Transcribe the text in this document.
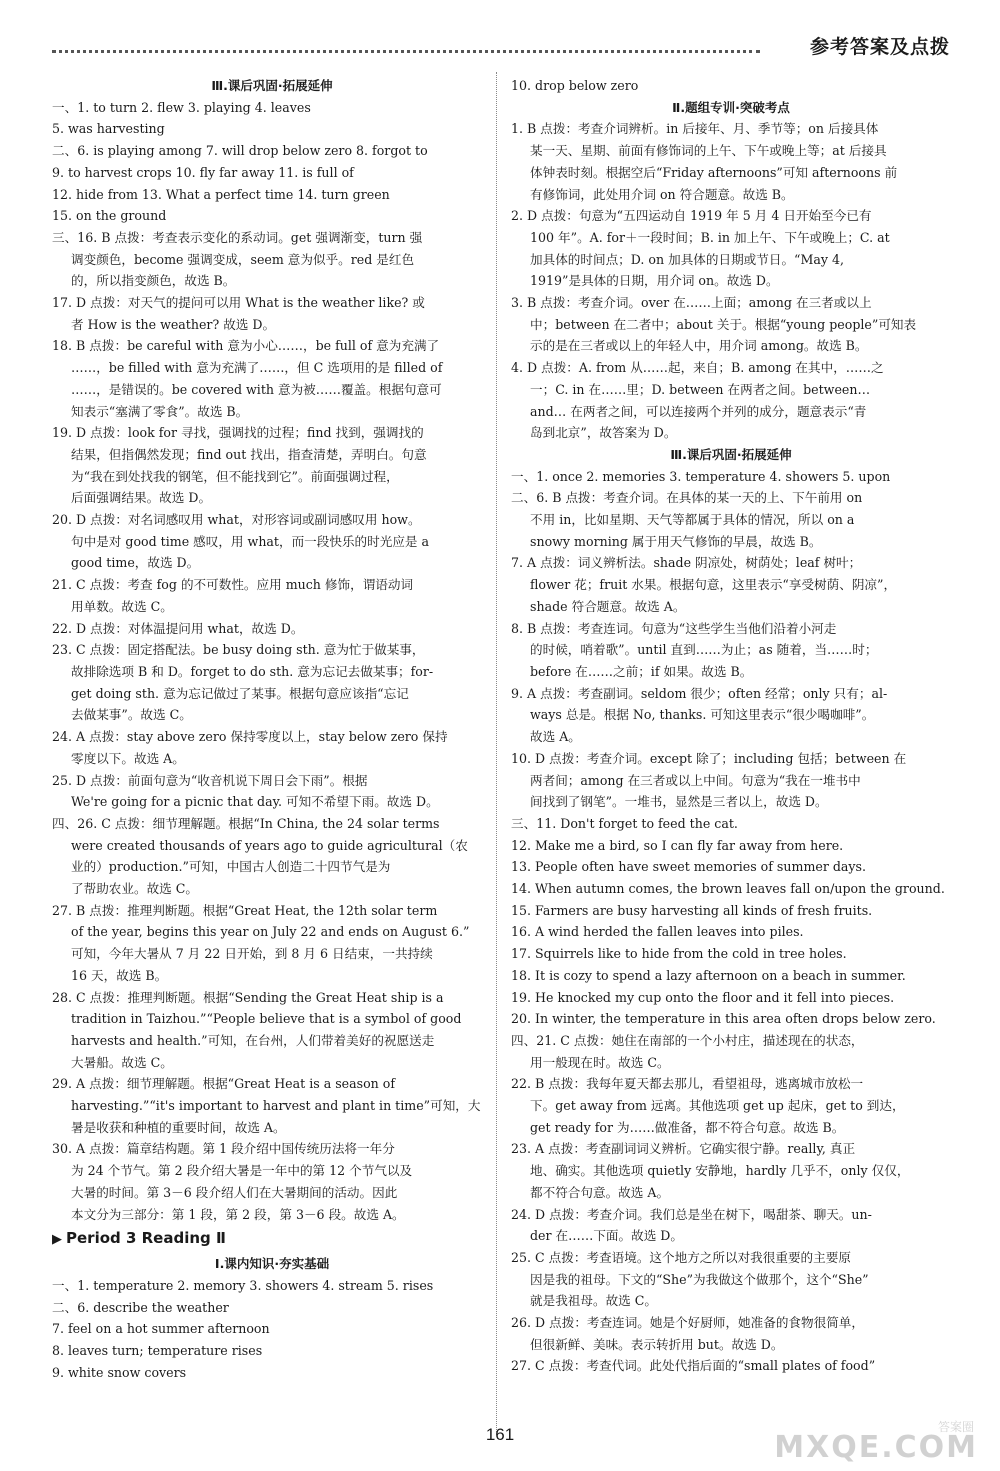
参考答案及点拨
Ⅲ.课后巩固·拓展延伸
一、1. to turn 2. flew 3. playing 4. leaves
5. was harvesting
二、6. is playing among 7. will drop below zero 8. forgot to
9. to harvest crops 10. fly far away 11. is full of
12. hide from 13. What a perfect time 14. turn green
15. on the ground
三、16. B 点拨：考查表示变化的系动词。get 强调渐变，turn 强
调变颜色，become 强调变成，seem 意为似乎。red 是红色
的，所以指变颜色，故选 B。
17. D 点拨：对天气的提问可以用 What is the weather like? 或
者 How is the weather? 故选 D。
18. B 点拨：be careful with 意为小心……，be full of 意为充满了
……，be filled with 意为充满了……，但 C 选项用的是 filled of
……，是错误的。be covered with 意为被……覆盖。根据句意可
知表示“塞满了零食”。故选 B。
19. D 点拨：look for 寻找，强调找的过程；find 找到，强调找的
结果，但指偶然发现；find out 找出，指查清楚，弄明白。句意
为“我在到处找我的钢笔，但不能找到它”。前面强调过程，
后面强调结果。故选 D。
20. D 点拨：对名词感叹用 what，对形容词或副词感叹用 how。
句中是对 good time 感叹，用 what，而一段快乐的时光应是 a
good time，故选 D。
21. C 点拨：考查 fog 的不可数性。应用 much 修饰，谓语动词
用单数。故选 C。
22. D 点拨：对体温提问用 what，故选 D。
23. C 点拨：固定搭配法。be busy doing sth. 意为忙于做某事，
故排除选项 B 和 D。forget to do sth. 意为忘记去做某事；for-
get doing sth. 意为忘记做过了某事。根据句意应该指“忘记
去做某事”。故选 C。
24. A 点拨：stay above zero 保持零度以上，stay below zero 保持
零度以下。故选 A。
25. D 点拨：前面句意为“收音机说下周日会下雨”。根据
We're going for a picnic that day. 可知不希望下雨。故选 D。
四、26. C 点拨：细节理解题。根据“In China, the 24 solar terms
were created thousands of years ago to guide agricultural（农
业的）production.”可知，中国古人创造二十四节气是为
了帮助农业。故选 C。
27. B 点拨：推理判断题。根据“Great Heat, the 12th solar term
of the year, begins this year on July 22 and ends on August 6.”
可知，今年大暑从 7 月 22 日开始，到 8 月 6 日结束，一共持续
16 天，故选 B。
28. C 点拨：推理判断题。根据“Sending the Great Heat ship is a
tradition in Taizhou.”“People believe that is a symbol of good
harvests and health.”可知，在台州，人们带着美好的祝愿送走
大暑船。故选 C。
29. A 点拨：细节理解题。根据“Great Heat is a season of
harvesting.”“it's important to harvest and plant in time”可知，大
暑是收获和种植的重要时间，故选 A。
30. A 点拨：篇章结构题。第 1 段介绍中国传统历法将一年分
为 24 个节气。第 2 段介绍大暑是一年中的第 12 个节气以及
大暑的时间。第 3－6 段介绍人们在大暑期间的活动。因此
本文分为三部分：第 1 段，第 2 段，第 3－6 段。故选 A。
▶ Period 3 Reading Ⅱ
Ⅰ.课内知识·夯实基础
一、1. temperature 2. memory 3. showers 4. stream 5. rises
二、6. describe the weather
7. feel on a hot summer afternoon
8. leaves turn; temperature rises
9. white snow covers
10. drop below zero
Ⅱ.题组专训·突破考点
1. B 点拨：考查介词辨析。in 后接年、月、季节等；on 后接具体
某一天、星期、前面有修饰词的上午、下午或晚上等；at 后接具
体钟表时刻。根据空后“Friday afternoons”可知 afternoons 前
有修饰词，此处用介词 on 符合题意。故选 B。
2. D 点拨：句意为“五四运动自 1919 年 5 月 4 日开始至今已有
100 年”。A. for＋一段时间；B. in 加上午、下午或晚上；C. at
加具体的时间点；D. on 加具体的日期或节日。“May 4,
1919”是具体的日期，用介词 on。故选 D。
3. B 点拨：考查介词。over 在……上面；among 在三者或以上
中；between 在二者中；about 关于。根据“young people”可知表
示的是在三者或以上的年轻人中，用介词 among。故选 B。
4. D 点拨：A. from 从……起，来自；B. among 在其中，……之
一；C. in 在……里；D. between 在两者之间。between…
and… 在两者之间，可以连接两个并列的成分，题意表示“青
岛到北京”，故答案为 D。
Ⅲ.课后巩固·拓展延伸
一、1. once 2. memories 3. temperature 4. showers 5. upon
二、6. B 点拨：考查介词。在具体的某一天的上、下午前用 on
不用 in，比如星期、天气等都属于具体的情况，所以 on a
snowy morning 属于用天气修饰的早晨，故选 B。
7. A 点拨：词义辨析法。shade 阴凉处，树荫处；leaf 树叶；
flower 花；fruit 水果。根据句意，这里表示“享受树荫、阴凉”，
shade 符合题意。故选 A。
8. B 点拨：考查连词。句意为“这些学生当他们沿着小河走
的时候，哨着歌”。until 直到……为止；as 随着，当……时；
before 在……之前；if 如果。故选 B。
9. A 点拨：考查副词。seldom 很少；often 经常；only 只有；al-
ways 总是。根据 No, thanks. 可知这里表示“很少喝咖啡”。
故选 A。
10. D 点拨：考查介词。except 除了；including 包括；between 在
两者间；among 在三者或以上中间。句意为“我在一堆书中
间找到了钢笔”。一堆书，显然是三者以上，故选 D。
三、11. Don't forget to feed the cat.
12. Make me a bird, so I can fly far away from here.
13. People often have sweet memories of summer days.
14. When autumn comes, the brown leaves fall on/upon the ground.
15. Farmers are busy harvesting all kinds of fresh fruits.
16. A wind herded the fallen leaves into piles.
17. Squirrels like to hide from the cold in tree holes.
18. It is cozy to spend a lazy afternoon on a beach in summer.
19. He knocked my cup onto the floor and it fell into pieces.
20. In winter, the temperature in this area often drops below zero.
四、21. C 点拨：她住在南部的一个小村庄，描述现在的状态，
用一般现在时。故选 C。
22. B 点拨：我每年夏天都去那儿，看望祖母，逃离城市放松一
下。get away from 远离。其他选项 get up 起床，get to 到达，
get ready for 为……做准备，都不符合句意。故选 B。
23. A 点拨：考查副词词义辨析。它确实很宁静。really, 真正
地、确实。其他选项 quietly 安静地，hardly 几乎不，only 仅仅，
都不符合句意。故选 A。
24. D 点拨：考查介词。我们总是坐在树下，喝甜茶、聊天。un-
der 在……下面。故选 D。
25. C 点拨：考查语境。这个地方之所以对我很重要的主要原
因是我的祖母。下文的“She”为我做这个做那个，这个“She”
就是我祖母。故选 C。
26. D 点拨：考查连词。她是个好厨师，她准备的食物很简单，
但很新鲜、美味。表示转折用 but。故选 D。
27. C 点拨：考查代词。此处代指后面的“small plates of food”
161	答案圈
MXQE.COM
